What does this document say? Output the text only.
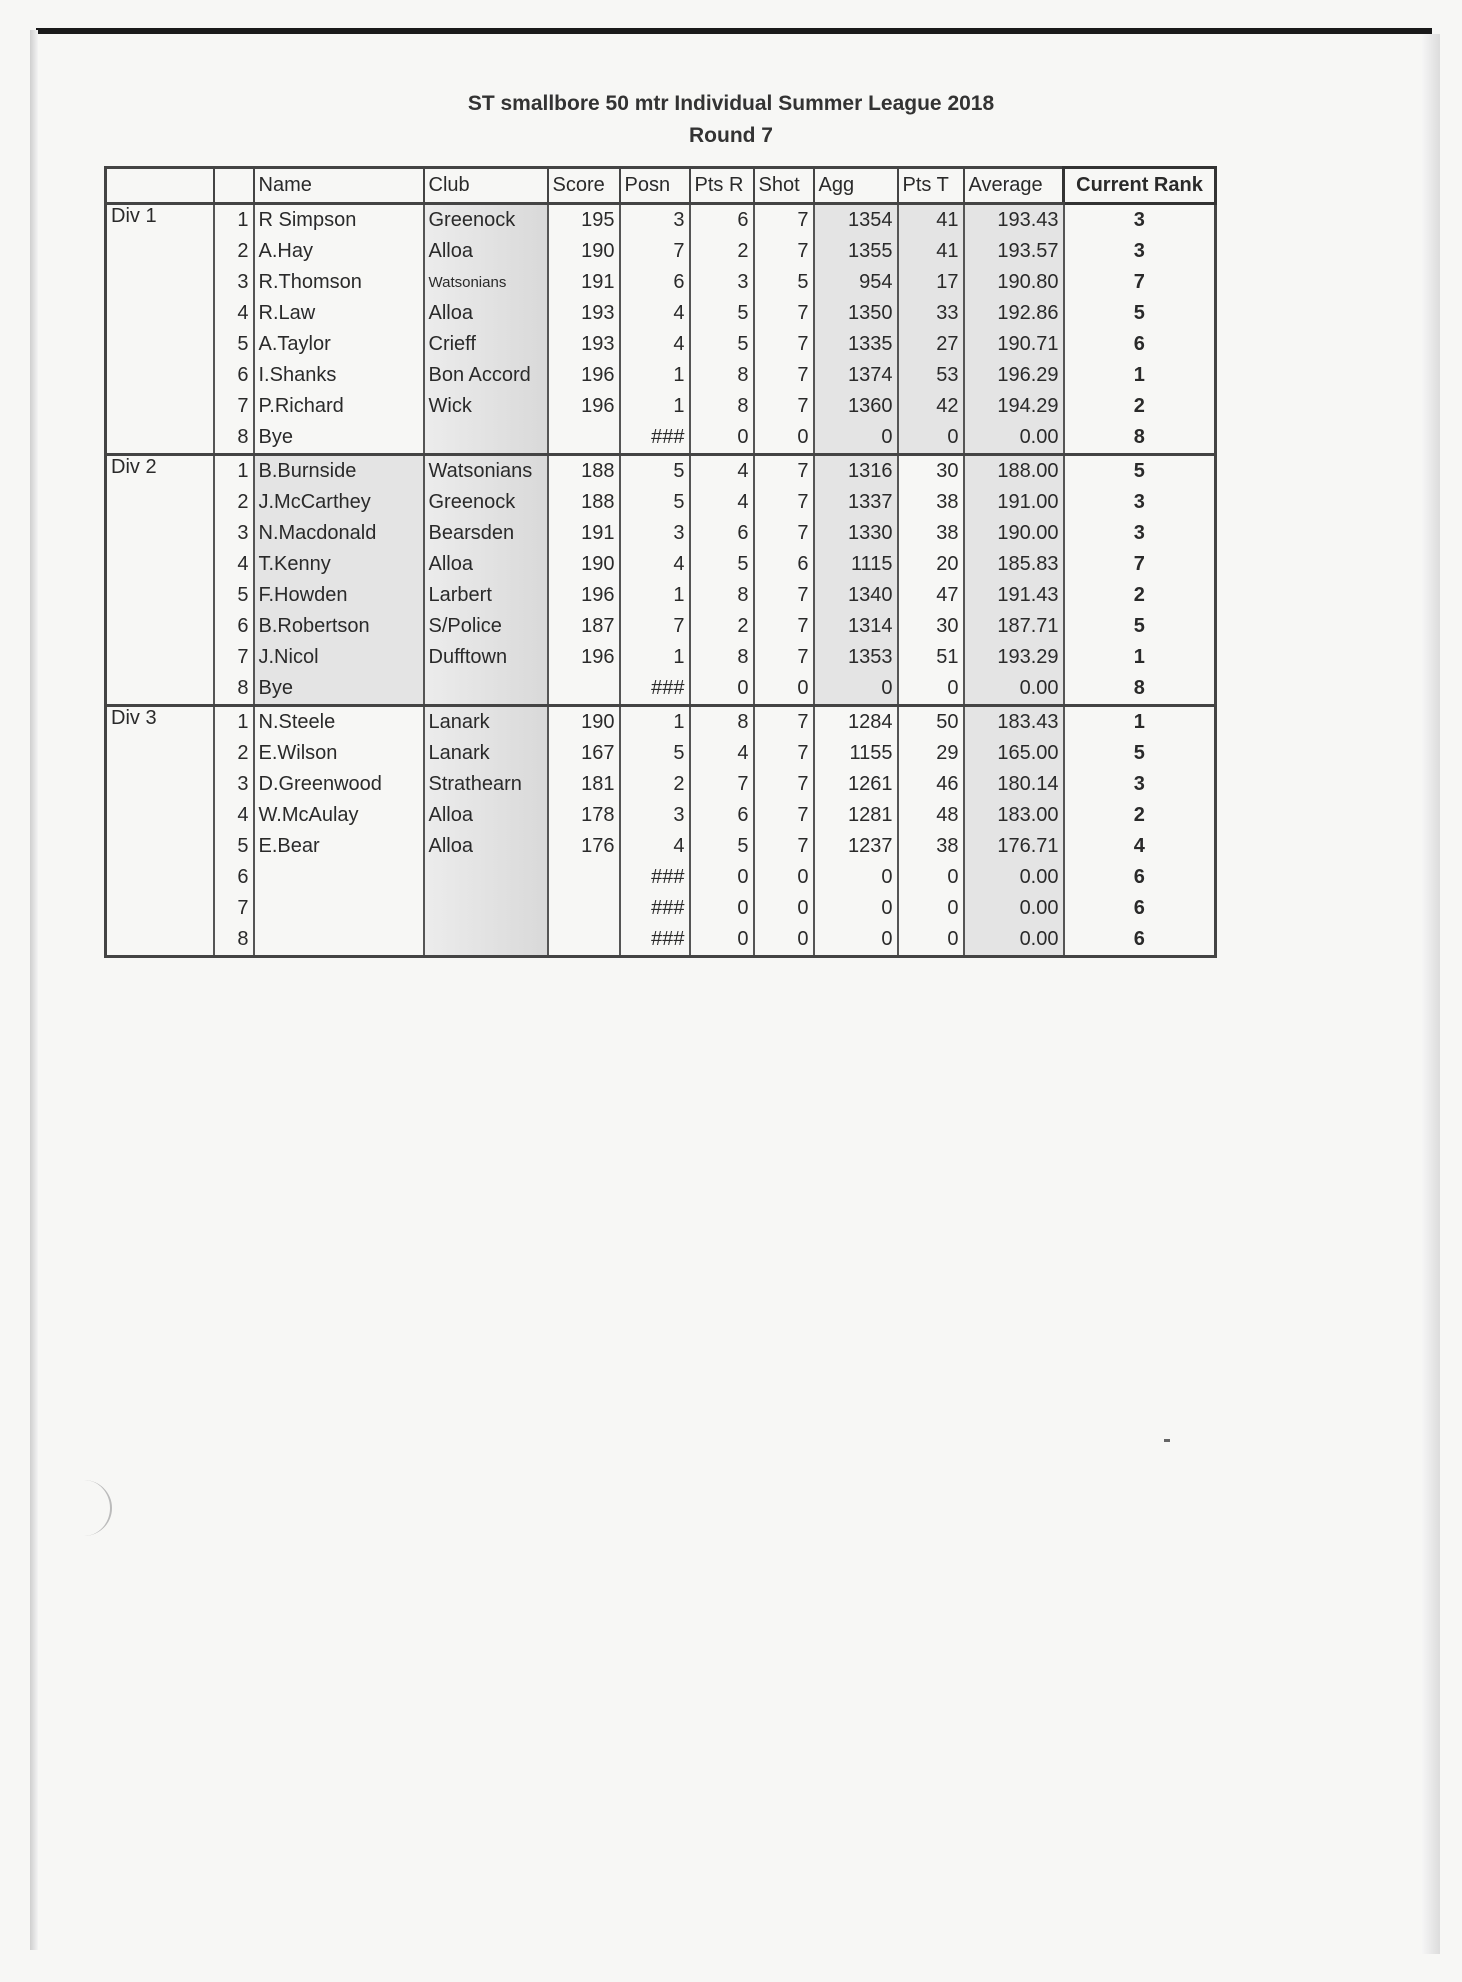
ST smallbore 50 mtr Individual Summer League 2018
Round 7
		Name	Club	Score	Posn	Pts R	Shot	Agg	Pts T	Average	Current Rank
Div 1	1	R Simpson	Greenock	195	3	6	7	1354	41	193.43	3
	2	A.Hay	Alloa	190	7	2	7	1355	41	193.57	3
	3	R.Thomson	Watsonians	191	6	3	5	954	17	190.80	7
	4	R.Law	Alloa	193	4	5	7	1350	33	192.86	5
	5	A.Taylor	Crieff	193	4	5	7	1335	27	190.71	6
	6	I.Shanks	Bon Accord	196	1	8	7	1374	53	196.29	1
	7	P.Richard	Wick	196	1	8	7	1360	42	194.29	2
	8	Bye			###	0	0	0	0	0.00	8
Div 2	1	B.Burnside	Watsonians	188	5	4	7	1316	30	188.00	5
	2	J.McCarthey	Greenock	188	5	4	7	1337	38	191.00	3
	3	N.Macdonald	Bearsden	191	3	6	7	1330	38	190.00	3
	4	T.Kenny	Alloa	190	4	5	6	1115	20	185.83	7
	5	F.Howden	Larbert	196	1	8	7	1340	47	191.43	2
	6	B.Robertson	S/Police	187	7	2	7	1314	30	187.71	5
	7	J.Nicol	Dufftown	196	1	8	7	1353	51	193.29	1
	8	Bye			###	0	0	0	0	0.00	8
Div 3	1	N.Steele	Lanark	190	1	8	7	1284	50	183.43	1
	2	E.Wilson	Lanark	167	5	4	7	1155	29	165.00	5
	3	D.Greenwood	Strathearn	181	2	7	7	1261	46	180.14	3
	4	W.McAulay	Alloa	178	3	6	7	1281	48	183.00	2
	5	E.Bear	Alloa	176	4	5	7	1237	38	176.71	4
	6				###	0	0	0	0	0.00	6
	7				###	0	0	0	0	0.00	6
	8				###	0	0	0	0	0.00	6
